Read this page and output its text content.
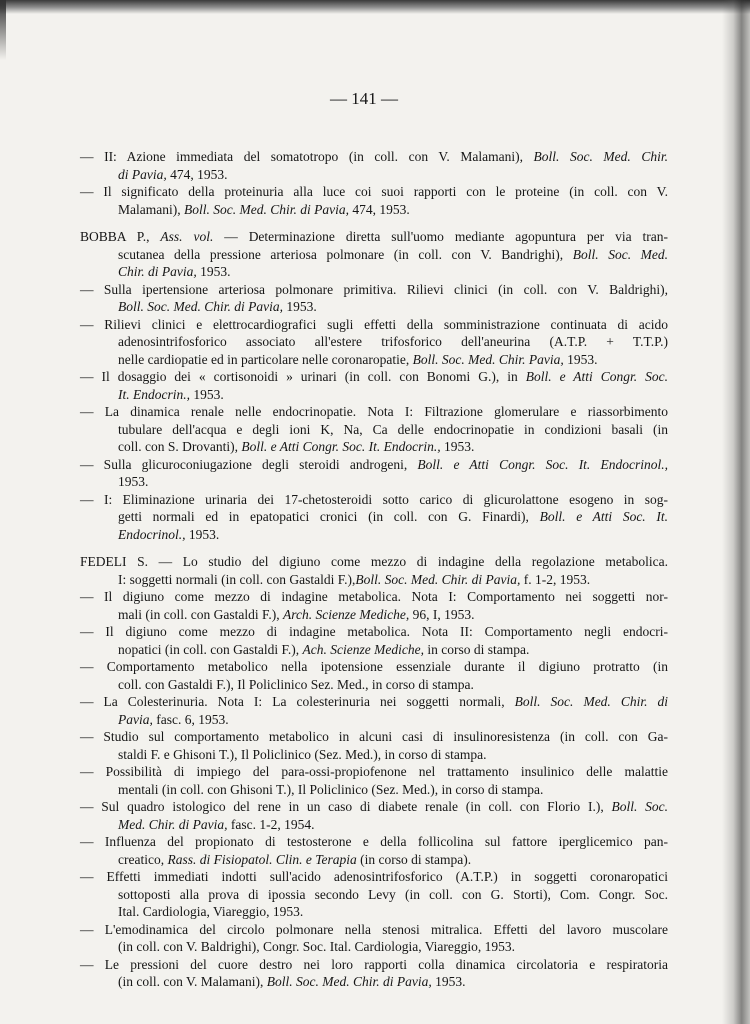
— 141 —
— II: Azione immediata del somatotropo (in coll. con V. Malamani), Boll. Soc. Med. Chir.
di Pavia, 474, 1953.
— Il significato della proteinuria alla luce coi suoi rapporti con le proteine (in coll. con V.
Malamani), Boll. Soc. Med. Chir. di Pavia, 474, 1953.
BOBBA P., Ass. vol. — Determinazione diretta sull'uomo mediante agopuntura per via tran-
scutanea della pressione arteriosa polmonare (in coll. con V. Bandrighi), Boll. Soc. Med.
Chir. di Pavia, 1953.
— Sulla ipertensione arteriosa polmonare primitiva. Rilievi clinici (in coll. con V. Baldrighi),
Boll. Soc. Med. Chir. di Pavia, 1953.
— Rilievi clinici e elettrocardiografici sugli effetti della somministrazione continuata di acido
adenosintrifosforico associato all'estere trifosforico dell'aneurina (A.T.P. + T.T.P.)
nelle cardiopatie ed in particolare nelle coronaropatie, Boll. Soc. Med. Chir. Pavia, 1953.
— Il dosaggio dei « cortisonoidi » urinari (in coll. con Bonomi G.), in Boll. e Atti Congr. Soc.
It. Endocrin., 1953.
— La dinamica renale nelle endocrinopatie. Nota I: Filtrazione glomerulare e riassorbimento
tubulare dell'acqua e degli ioni K, Na, Ca delle endocrinopatie in condizioni basali (in
coll. con S. Drovanti), Boll. e Atti Congr. Soc. It. Endocrin., 1953.
— Sulla glicuroconiugazione degli steroidi androgeni, Boll. e Atti Congr. Soc. It. Endocrinol.,
1953.
— I: Eliminazione urinaria dei 17-chetosteroidi sotto carico di glicurolattone esogeno in sog-
getti normali ed in epatopatici cronici (in coll. con G. Finardi), Boll. e Atti Soc. It.
Endocrinol., 1953.
FEDELI S. — Lo studio del digiuno come mezzo di indagine della regolazione metabolica.
I: soggetti normali (in coll. con Gastaldi F.),Boll. Soc. Med. Chir. di Pavia, f. 1-2, 1953.
— Il digiuno come mezzo di indagine metabolica. Nota I: Comportamento nei soggetti nor-
mali (in coll. con Gastaldi F.), Arch. Scienze Mediche, 96, I, 1953.
— Il digiuno come mezzo di indagine metabolica. Nota II: Comportamento negli endocri-
nopatici (in coll. con Gastaldi F.), Ach. Scienze Mediche, in corso di stampa.
— Comportamento metabolico nella ipotensione essenziale durante il digiuno protratto (in
coll. con Gastaldi F.), Il Policlinico Sez. Med., in corso di stampa.
— La Colesterinuria. Nota I: La colesterinuria nei soggetti normali, Boll. Soc. Med. Chir. di
Pavia, fasc. 6, 1953.
— Studio sul comportamento metabolico in alcuni casi di insulinoresistenza (in coll. con Ga-
staldi F. e Ghisoni T.), Il Policlinico (Sez. Med.), in corso di stampa.
— Possibilità di impiego del para-ossi-propiofenone nel trattamento insulinico delle malattie
mentali (in coll. con Ghisoni T.), Il Policlinico (Sez. Med.), in corso di stampa.
— Sul quadro istologico del rene in un caso di diabete renale (in coll. con Florio I.), Boll. Soc.
Med. Chir. di Pavia, fasc. 1-2, 1954.
— Influenza del propionato di testosterone e della follicolina sul fattore iperglicemico pan-
creatico, Rass. di Fisiopatol. Clin. e Terapia (in corso di stampa).
— Effetti immediati indotti sull'acido adenosintrifosforico (A.T.P.) in soggetti coronaropatici
sottoposti alla prova di ipossia secondo Levy (in coll. con G. Storti), Com. Congr. Soc.
Ital. Cardiologia, Viareggio, 1953.
— L'emodinamica del circolo polmonare nella stenosi mitralica. Effetti del lavoro muscolare
(in coll. con V. Baldrighi), Congr. Soc. Ital. Cardiologia, Viareggio, 1953.
— Le pressioni del cuore destro nei loro rapporti colla dinamica circolatoria e respiratoria
(in coll. con V. Malamani), Boll. Soc. Med. Chir. di Pavia, 1953.
